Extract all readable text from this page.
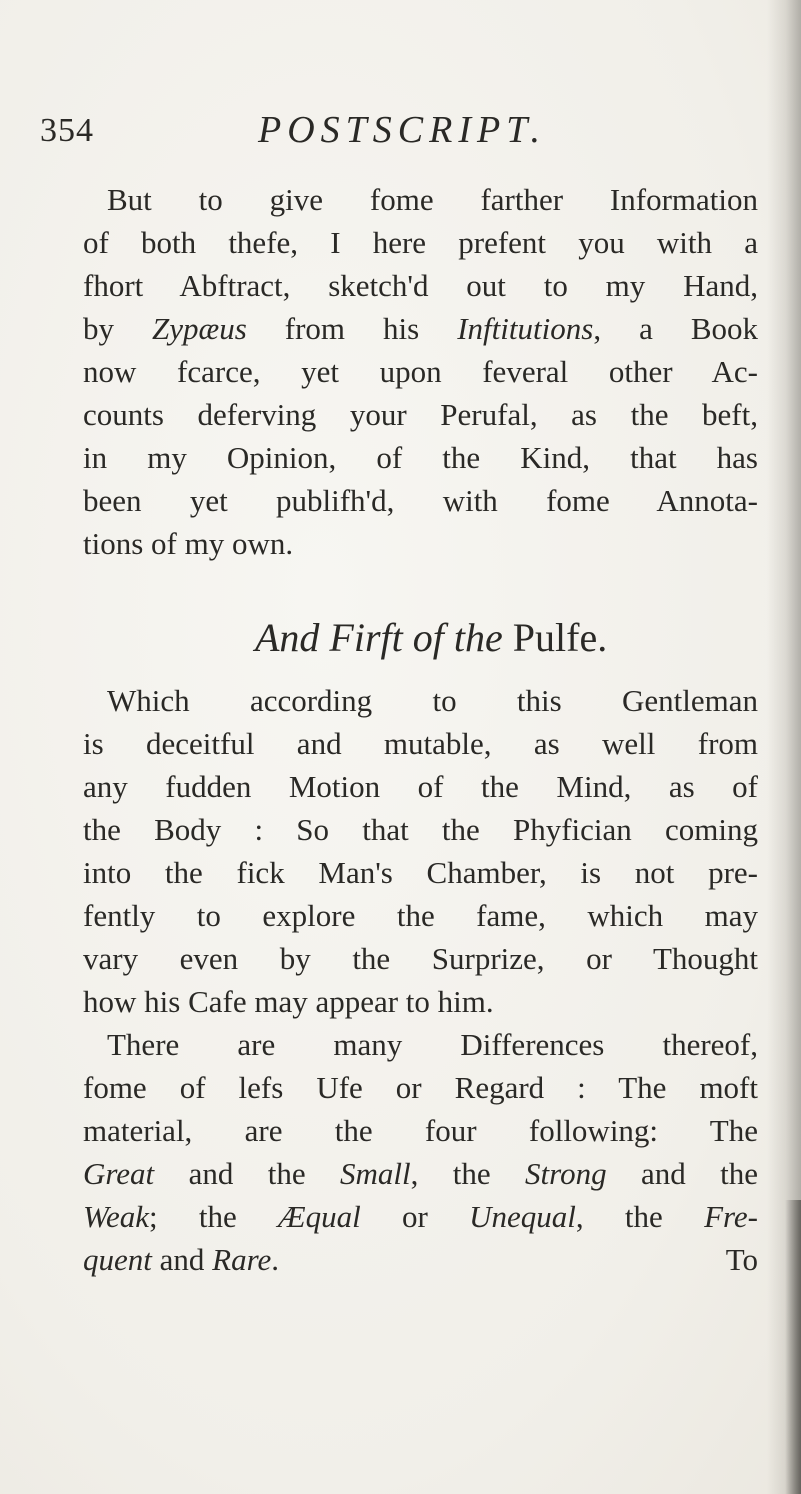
354	POSTSCRIPT.
But to give fome farther Information
of both thefe, I here prefent you with a
fhort Abftract, sketch'd out to my Hand,
by Zypæus from his Inftitutions, a Book
now fcarce, yet upon feveral other Ac-
counts deferving your Perufal, as the beft,
in my Opinion, of the Kind, that has
been yet publifh'd, with fome Annota-
tions of my own.
And Firft of the Pulfe.
Which according to this Gentleman
is deceitful and mutable, as well from
any fudden Motion of the Mind, as of
the Body : So that the Phyfician coming
into the fick Man's Chamber, is not pre-
fently to explore the fame, which may
vary even by the Surprize, or Thought
how his Cafe may appear to him.
There are many Differences thereof,
fome of lefs Ufe or Regard : The moft
material, are the four following: The
Great and the Small, the Strong and the
Weak; the Æqual or Unequal, the Fre-
quent and Rare.	To
